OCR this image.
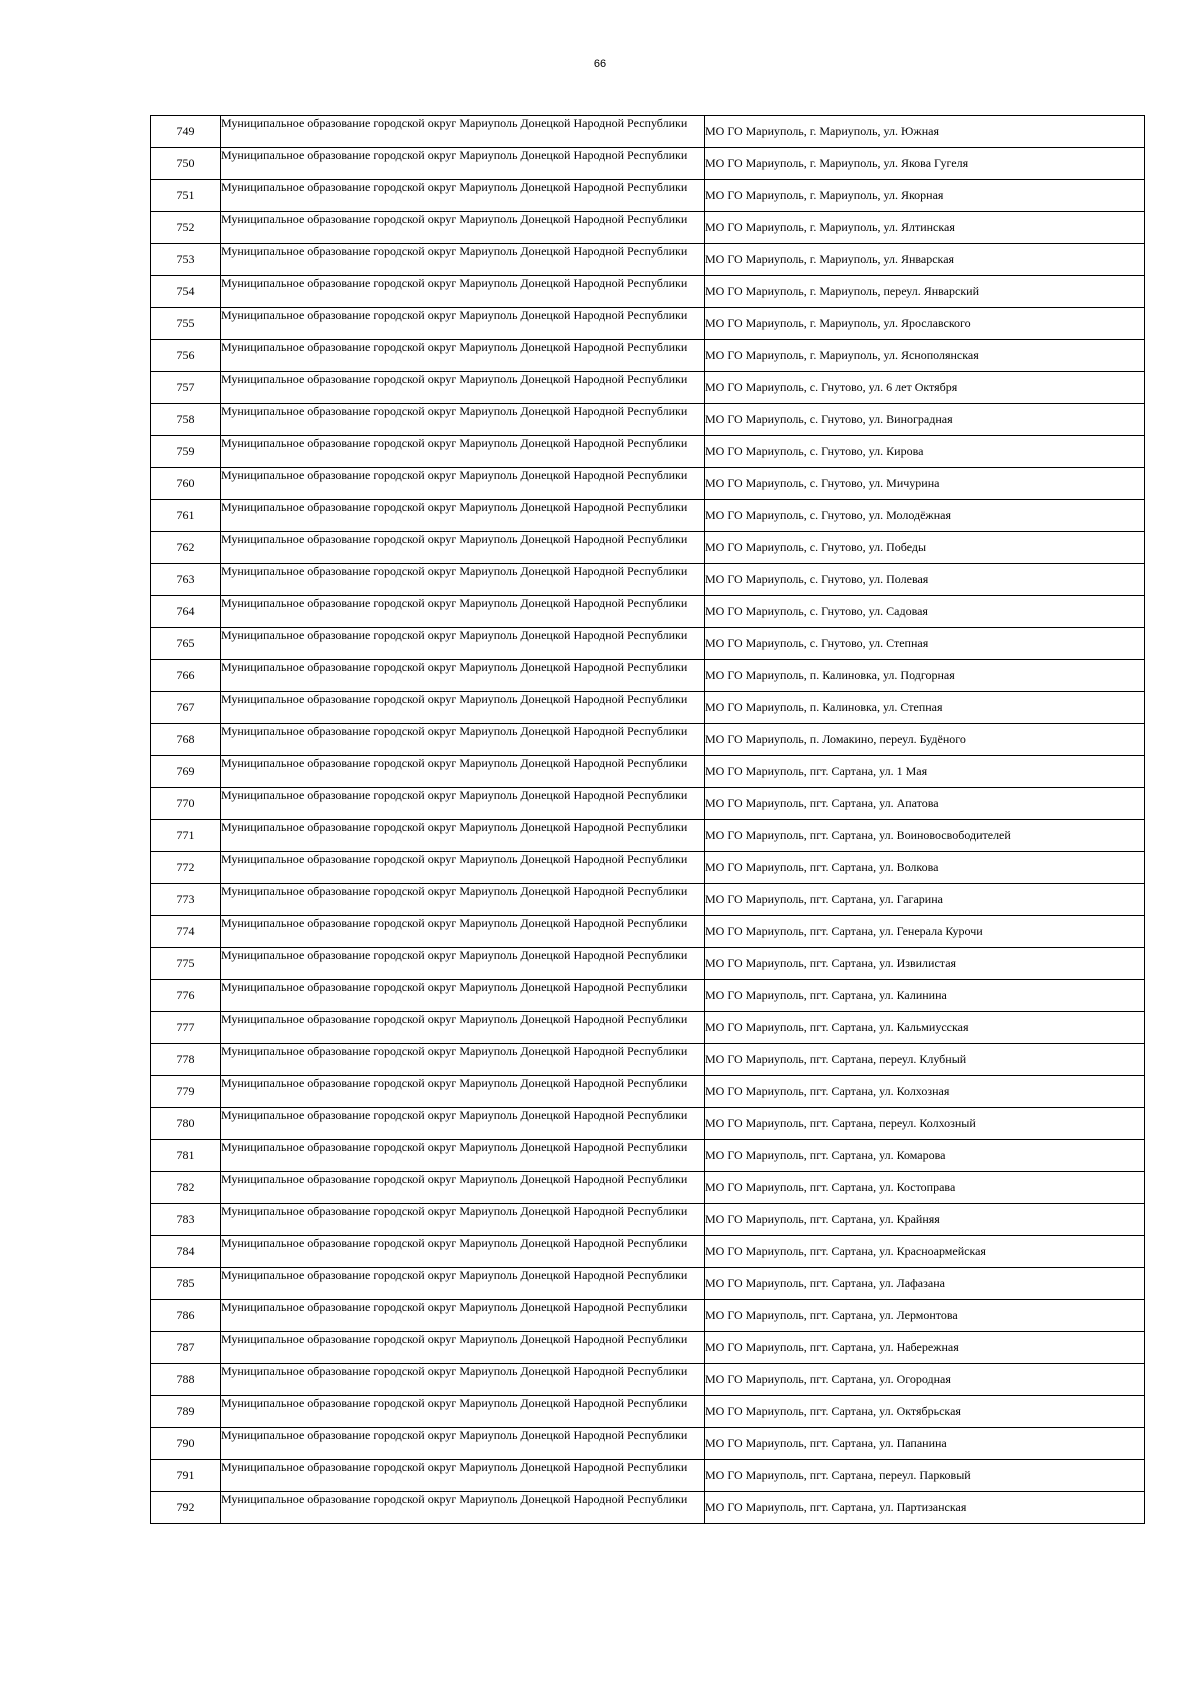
66
749	Муниципальное образование городской округ Мариуполь Донецкой Народной Республики	МО ГО Мариуполь, г. Мариуполь, ул. Южная
750	Муниципальное образование городской округ Мариуполь Донецкой Народной Республики	МО ГО Мариуполь, г. Мариуполь, ул. Якова Гугеля
751	Муниципальное образование городской округ Мариуполь Донецкой Народной Республики	МО ГО Мариуполь, г. Мариуполь, ул. Якорная
752	Муниципальное образование городской округ Мариуполь Донецкой Народной Республики	МО ГО Мариуполь, г. Мариуполь, ул. Ялтинская
753	Муниципальное образование городской округ Мариуполь Донецкой Народной Республики	МО ГО Мариуполь, г. Мариуполь, ул. Январская
754	Муниципальное образование городской округ Мариуполь Донецкой Народной Республики	МО ГО Мариуполь, г. Мариуполь, переул. Январский
755	Муниципальное образование городской округ Мариуполь Донецкой Народной Республики	МО ГО Мариуполь, г. Мариуполь, ул. Ярославского
756	Муниципальное образование городской округ Мариуполь Донецкой Народной Республики	МО ГО Мариуполь, г. Мариуполь, ул. Яснополянская
757	Муниципальное образование городской округ Мариуполь Донецкой Народной Республики	МО ГО Мариуполь, с. Гнутово, ул. 6 лет Октября
758	Муниципальное образование городской округ Мариуполь Донецкой Народной Республики	МО ГО Мариуполь, с. Гнутово, ул. Виноградная
759	Муниципальное образование городской округ Мариуполь Донецкой Народной Республики	МО ГО Мариуполь, с. Гнутово, ул. Кирова
760	Муниципальное образование городской округ Мариуполь Донецкой Народной Республики	МО ГО Мариуполь, с. Гнутово, ул. Мичурина
761	Муниципальное образование городской округ Мариуполь Донецкой Народной Республики	МО ГО Мариуполь, с. Гнутово, ул. Молодёжная
762	Муниципальное образование городской округ Мариуполь Донецкой Народной Республики	МО ГО Мариуполь, с. Гнутово, ул. Победы
763	Муниципальное образование городской округ Мариуполь Донецкой Народной Республики	МО ГО Мариуполь, с. Гнутово, ул. Полевая
764	Муниципальное образование городской округ Мариуполь Донецкой Народной Республики	МО ГО Мариуполь, с. Гнутово, ул. Садовая
765	Муниципальное образование городской округ Мариуполь Донецкой Народной Республики	МО ГО Мариуполь, с. Гнутово, ул. Степная
766	Муниципальное образование городской округ Мариуполь Донецкой Народной Республики	МО ГО Мариуполь, п. Калиновка, ул. Подгорная
767	Муниципальное образование городской округ Мариуполь Донецкой Народной Республики	МО ГО Мариуполь, п. Калиновка, ул. Степная
768	Муниципальное образование городской округ Мариуполь Донецкой Народной Республики	МО ГО Мариуполь, п. Ломакино, переул. Будёного
769	Муниципальное образование городской округ Мариуполь Донецкой Народной Республики	МО ГО Мариуполь, пгт. Сартана, ул. 1 Мая
770	Муниципальное образование городской округ Мариуполь Донецкой Народной Республики	МО ГО Мариуполь, пгт. Сартана, ул. Апатова
771	Муниципальное образование городской округ Мариуполь Донецкой Народной Республики	МО ГО Мариуполь, пгт. Сартана, ул. Воиновосвободителей
772	Муниципальное образование городской округ Мариуполь Донецкой Народной Республики	МО ГО Мариуполь, пгт. Сартана, ул. Волкова
773	Муниципальное образование городской округ Мариуполь Донецкой Народной Республики	МО ГО Мариуполь, пгт. Сартана, ул. Гагарина
774	Муниципальное образование городской округ Мариуполь Донецкой Народной Республики	МО ГО Мариуполь, пгт. Сартана, ул. Генерала Курочи
775	Муниципальное образование городской округ Мариуполь Донецкой Народной Республики	МО ГО Мариуполь, пгт. Сартана, ул. Извилистая
776	Муниципальное образование городской округ Мариуполь Донецкой Народной Республики	МО ГО Мариуполь, пгт. Сартана, ул. Калинина
777	Муниципальное образование городской округ Мариуполь Донецкой Народной Республики	МО ГО Мариуполь, пгт. Сартана, ул. Кальмиусская
778	Муниципальное образование городской округ Мариуполь Донецкой Народной Республики	МО ГО Мариуполь, пгт. Сартана, переул. Клубный
779	Муниципальное образование городской округ Мариуполь Донецкой Народной Республики	МО ГО Мариуполь, пгт. Сартана, ул. Колхозная
780	Муниципальное образование городской округ Мариуполь Донецкой Народной Республики	МО ГО Мариуполь, пгт. Сартана, переул. Колхозный
781	Муниципальное образование городской округ Мариуполь Донецкой Народной Республики	МО ГО Мариуполь, пгт. Сартана, ул. Комарова
782	Муниципальное образование городской округ Мариуполь Донецкой Народной Республики	МО ГО Мариуполь, пгт. Сартана, ул. Костоправа
783	Муниципальное образование городской округ Мариуполь Донецкой Народной Республики	МО ГО Мариуполь, пгт. Сартана, ул. Крайняя
784	Муниципальное образование городской округ Мариуполь Донецкой Народной Республики	МО ГО Мариуполь, пгт. Сартана, ул. Красноармейская
785	Муниципальное образование городской округ Мариуполь Донецкой Народной Республики	МО ГО Мариуполь, пгт. Сартана, ул. Лафазана
786	Муниципальное образование городской округ Мариуполь Донецкой Народной Республики	МО ГО Мариуполь, пгт. Сартана, ул. Лермонтова
787	Муниципальное образование городской округ Мариуполь Донецкой Народной Республики	МО ГО Мариуполь, пгт. Сартана, ул. Набережная
788	Муниципальное образование городской округ Мариуполь Донецкой Народной Республики	МО ГО Мариуполь, пгт. Сартана, ул. Огородная
789	Муниципальное образование городской округ Мариуполь Донецкой Народной Республики	МО ГО Мариуполь, пгт. Сартана, ул. Октябрьская
790	Муниципальное образование городской округ Мариуполь Донецкой Народной Республики	МО ГО Мариуполь, пгт. Сартана, ул. Папанина
791	Муниципальное образование городской округ Мариуполь Донецкой Народной Республики	МО ГО Мариуполь, пгт. Сартана, переул. Парковый
792	Муниципальное образование городской округ Мариуполь Донецкой Народной Республики	МО ГО Мариуполь, пгт. Сартана, ул. Партизанская
